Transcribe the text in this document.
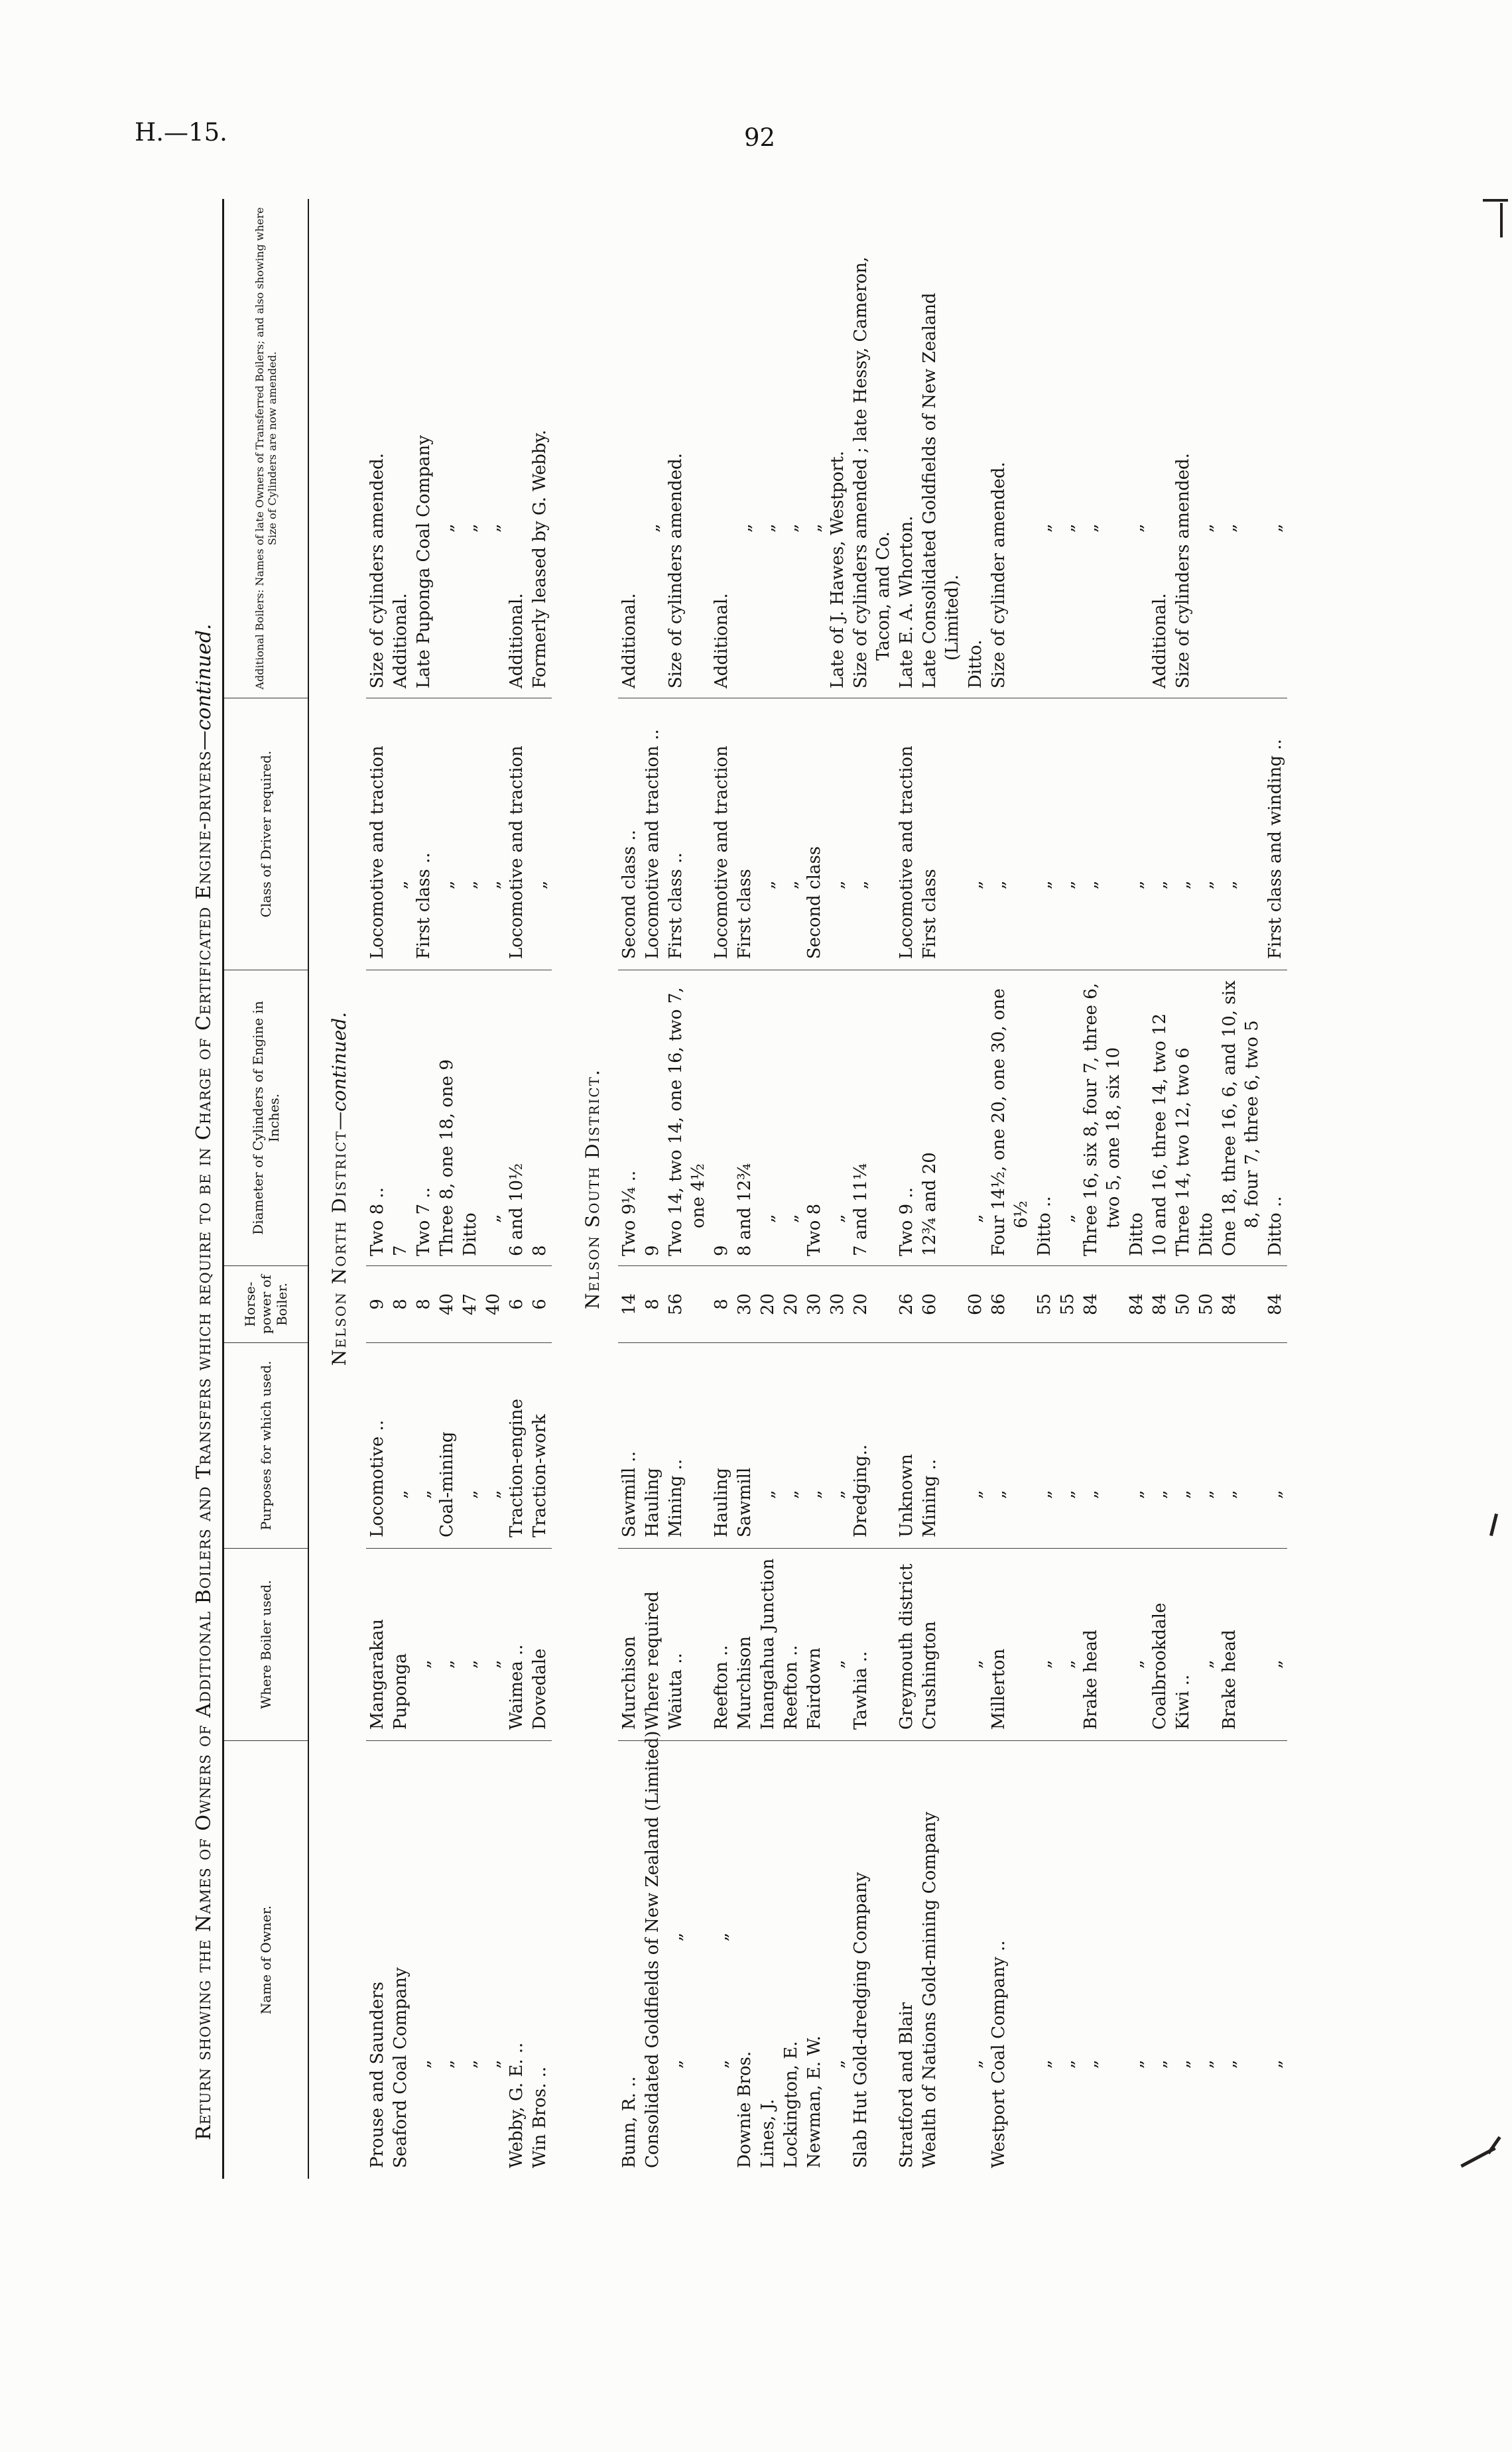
H.—15.	92
Return showing the Names of Owners of Additional Boilers and Transfers which require to be in Charge of Certificated Engine-drivers—continued.
Name of Owner.
Where Boiler used.
Purposes for which used.
Horse-power of Boiler.
Diameter of Cylinders of Engine in Inches.
Class of Driver required.
Additional Boilers: Names of late Owners of Transferred Boilers; and also showing where Size of Cylinders are now amended.
Nelson North District—continued.
Prouse and Saunders
Mangarakau
Locomotive ..
9
Two 8 ..
Locomotive and traction
Size of cylinders amended.
Seaford Coal Company
Puponga
„
8
7
„
Additional.
„
„
„
8
Two 7 ..
First class ..
Late Puponga Coal Company
„
„
Coal-mining
40
Three 8, one 18, one 9
„
„
„
„
„
47
Ditto
„
„
„
„
„
40
„
„
„
Webby, G. E. ..
Waimea ..
Traction-engine
6
6 and 10½
Locomotive and traction
Additional.
Win Bros. ..
Dovedale
Traction-work
6
8
„
Formerly leased by G. Webby.
Nelson South District.
Bunn, R. ..
Murchison
Sawmill ..
14
Two 9¼ ..
Second class ..
Additional.
Consolidated Goldfields of New Zealand (Limited)
Where required
Hauling
8
9
Locomotive and traction ..
„
„ „
Waiuta ..
Mining ..
56
Two 14, two 14, one 16, two 7, one 4½
First class ..
Size of cylinders amended.
„ „
Reefton ..
Hauling
8
9
Locomotive and traction
Additional.
Downie Bros.
Murchison
Sawmill
30
8 and 12¾
First class
„
Lines, J.
Inangahua Junction
„
20
„
„
„
Lockington, E.
Reefton ..
„
20
„
„
„
Newman, E. W.
Fairdown
„
30
Two 8
Second class
„
„
„
„
30
„
„
Late of J. Hawes, Westport.
Slab Hut Gold-dredging Company
Tawhia ..
Dredging..
20
7 and 11¼
„
Size of cylinders amended ; late Hessy, Cameron, Tacon, and Co.
Stratford and Blair
Greymouth district
Unknown
26
Two 9 ..
Locomotive and traction
Late E. A. Whorton.
Wealth of Nations Gold-mining Company
Crushington
Mining ..
60
12¾ and 20
First class
Late Consolidated Goldfields of New Zealand (Limited).
„
„
„
60
„
„
Ditto.
Westport Coal Company ..
Millerton
„
86
Four 14½, one 20, one 30, one 6½
„
Size of cylinder amended.
„
„
„
55
Ditto ..
„
„
„
„
„
55
„
„
„
„
Brake head
„
84
Three 16, six 8, four 7, three 6, two 5, one 18, six 10
„
„
„
„
„
84
Ditto
„
„
„
Coalbrookdale
„
84
10 and 16, three 14, two 12
„
Additional.
„
Kiwi ..
„
50
Three 14, two 12, two 6
„
Size of cylinders amended.
„
„
„
50
Ditto
„
„
„
Brake head
„
84
One 18, three 16, 6, and 10, six 8, four 7, three 6, two 5
„
„
„
„
„
84
Ditto ..
First class and winding ..
„
